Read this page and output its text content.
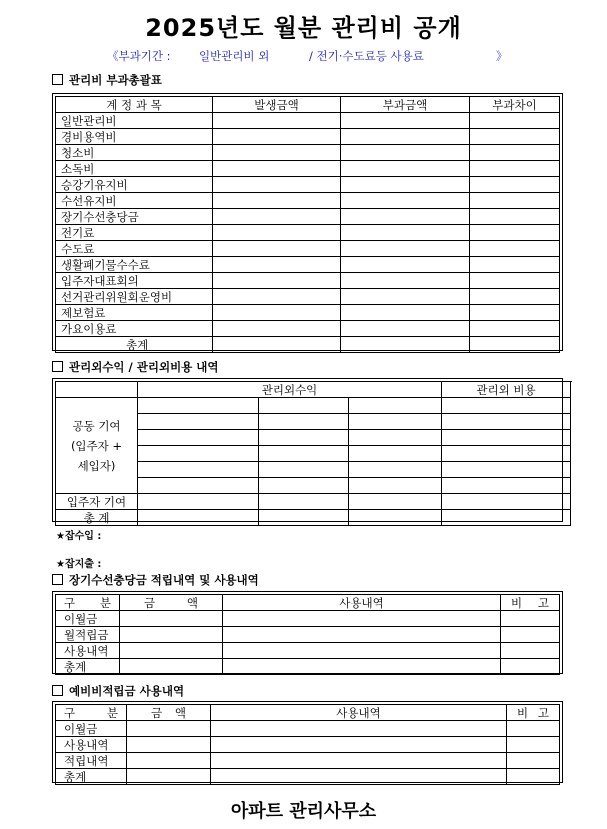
2025년도 월분 관리비 공개
《부과기간 : 일반관리비 외	/ 전기·수도료등 사용료	》
관리비 부과총괄표
계 정 과 목	발생금액	부과금액	부과차이
일반관리비			
경비용역비			
청소비			
소독비			
승강기유지비			
수선유지비			
장기수선충당금			
전기료			
수도료			
생활폐기물수수료			
입주자대표회의			
선거관리위원회운영비			
제보험료			
가요이용료			
총계			
관리외수익 / 관리외비용 내역
	관리외수익			관리외 비용	

공동 기여
(입주자 +
세입자)					

입주자 기여					
총 계					
★잡수입 :
★잡지출 :
장기수선충당금 적립내역 및 사용내역
구 분	금 액	사용내역	비 고
이월금			
월적립금			
사용내역			
총계			
예비비적립금 사용내역
구 분	금 액	사용내역	비 고
이월금			
사용내역			
적립내역			
총계			
아파트 관리사무소
